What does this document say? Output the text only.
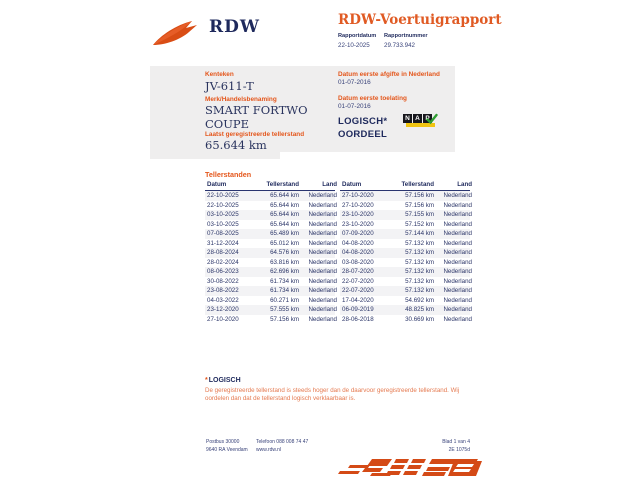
RDW	RDW-Voertuigrapport
Rapportdatum
22-10-2025
Rapportnummer
29.733.942
Kenteken
JV-611-T
Merk/Handelsbenaming
SMART FORTWO COUPE
Laatst geregistreerde tellerstand
65.644 km
Datum eerste afgifte in Nederland
01-07-2016
Datum eerste toelating
01-07-2016
LOGISCH*
OORDEEL
N A P
Tellerstanden
Datum	Tellerstand	Land
22-10-2025	65.644 km	Nederland
22-10-2025	65.644 km	Nederland
03-10-2025	65.644 km	Nederland
03-10-2025	65.644 km	Nederland
07-08-2025	65.489 km	Nederland
31-12-2024	65.012 km	Nederland
28-08-2024	64.576 km	Nederland
28-02-2024	63.816 km	Nederland
08-06-2023	62.696 km	Nederland
30-08-2022	61.734 km	Nederland
23-08-2022	61.734 km	Nederland
04-03-2022	60.271 km	Nederland
23-12-2020	57.555 km	Nederland
27-10-2020	57.156 km	Nederland
Datum	Tellerstand	Land
27-10-2020	57.156 km	Nederland
27-10-2020	57.156 km	Nederland
23-10-2020	57.155 km	Nederland
23-10-2020	57.152 km	Nederland
07-09-2020	57.144 km	Nederland
04-08-2020	57.132 km	Nederland
04-08-2020	57.132 km	Nederland
03-08-2020	57.132 km	Nederland
28-07-2020	57.132 km	Nederland
22-07-2020	57.132 km	Nederland
22-07-2020	57.132 km	Nederland
17-04-2020	54.692 km	Nederland
06-09-2019	48.825 km	Nederland
28-06-2018	30.669 km	Nederland
*LOGISCH
De geregistreerde tellerstand is steeds hoger dan de daarvoor geregistreerde tellerstand. Wij oordelen dan dat de tellerstand logisch verklaarbaar is.
Postbus 30000
9640 RA Veendam
Telefoon 088 008 74 47
www.rdw.nl
Blad 1 van 4
2E 1075d
